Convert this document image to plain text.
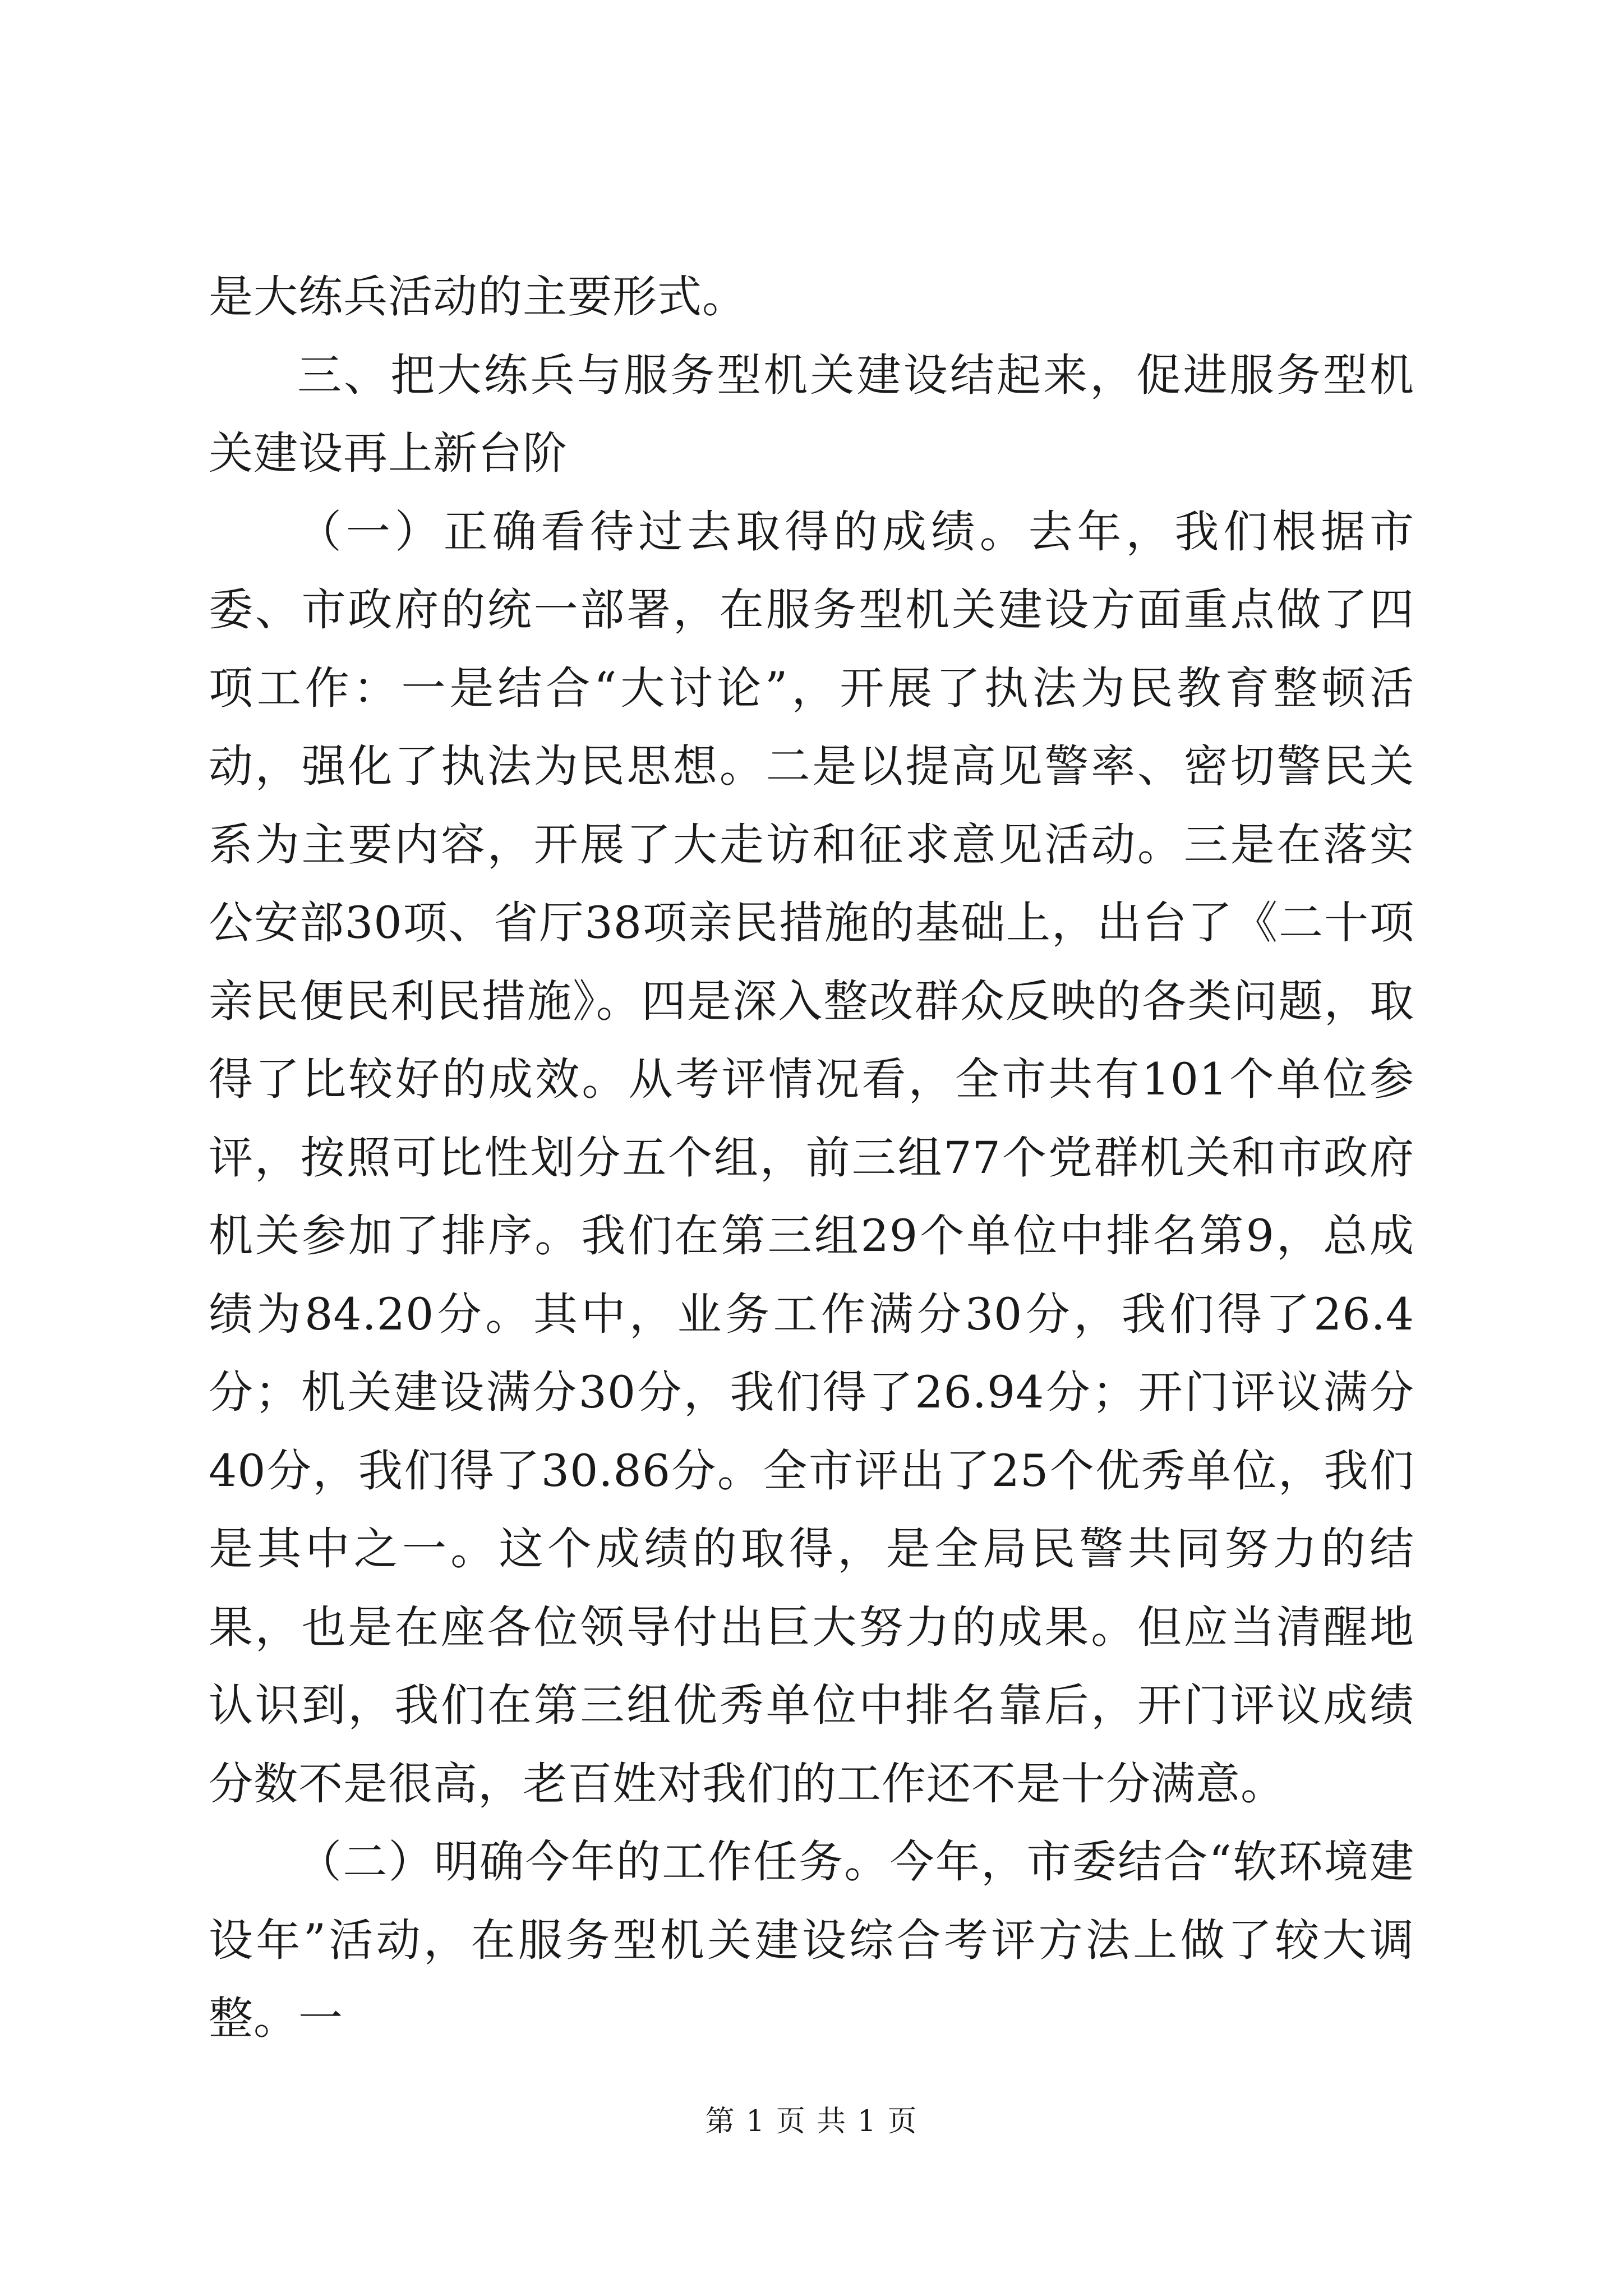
是大练兵活动的主要形式。

三、把大练兵与服务型机关建设结起来，促进服务型机关建设再上新台阶

（一）正确看待过去取得的成绩。去年，我们根据市委、市政府的统一部署，在服务型机关建设方面重点做了四项工作：一是结合“大讨论”，开展了执法为民教育整顿活动，强化了执法为民思想。二是以提高见警率、密切警民关系为主要内容，开展了大走访和征求意见活动。三是在落实公安部30项、省厅38项亲民措施的基础上，出台了《二十项亲民便民利民措施》。四是深入整改群众反映的各类问题，取得了比较好的成效。从考评情况看，全市共有101个单位参评，按照可比性划分五个组，前三组77个党群机关和市政府机关参加了排序。我们在第三组29个单位中排名第9，总成绩为84.20分。其中，业务工作满分30分，我们得了26.4分；机关建设满分30分，我们得了26.94分；开门评议满分40分，我们得了30.86分。全市评出了25个优秀单位，我们是其中之一。这个成绩的取得，是全局民警共同努力的结果，也是在座各位领导付出巨大努力的成果。但应当清醒地认识到，我们在第三组优秀单位中排名靠后，开门评议成绩分数不是很高，老百姓对我们的工作还不是十分满意。

（二）明确今年的工作任务。今年，市委结合“软环境建设年”活动，在服务型机关建设综合考评方法上做了较大调整。一

第 1 页 共 1 页
